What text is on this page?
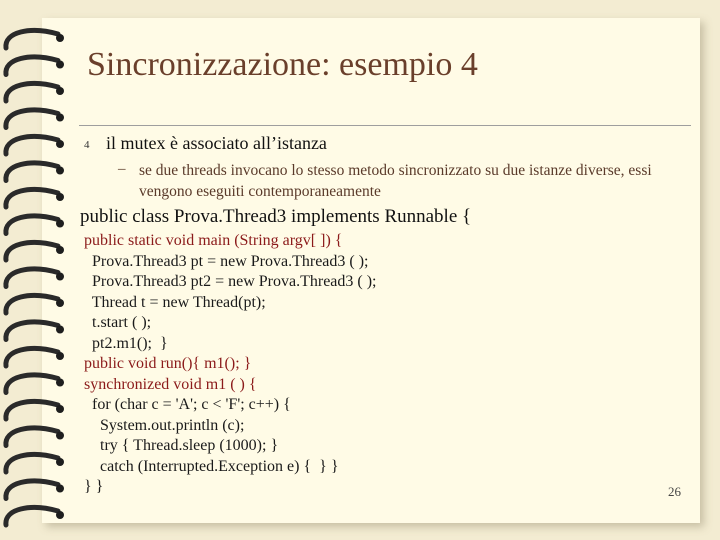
Sincronizzazione: esempio 4
4 il mutex è associato all’istanza
– se due threads invocano lo stesso metodo sincronizzato su due istanze diverse, essi vengono eseguiti contemporaneamente
public class Prova.Thread3 implements Runnable {
public static void main (String argv[ ]) {
Prova.Thread3 pt = new Prova.Thread3 ( );
Prova.Thread3 pt2 = new Prova.Thread3 ( );
Thread t = new Thread(pt);
t.start ( );
pt2.m1();  }
public void run(){ m1(); }
synchronized void m1 ( ) {
for (char c = 'A'; c < 'F'; c++) {
System.out.println (c);
try { Thread.sleep (1000); }
catch (Interrupted.Exception e) {  } }
} }	26
